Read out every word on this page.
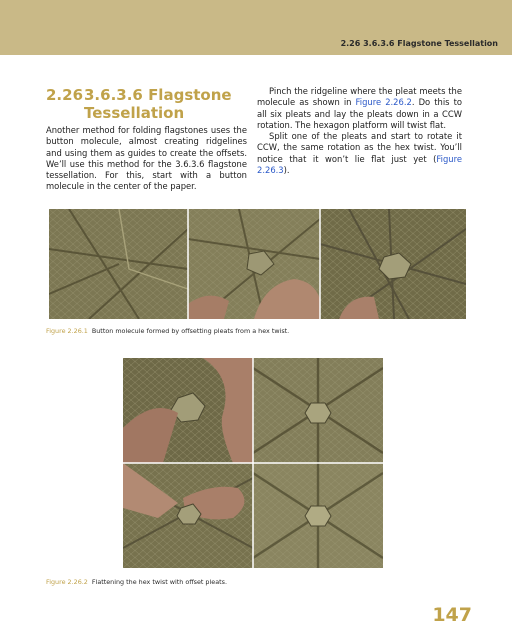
2.26 3.6.3.6 Flagstone Tessellation
2.263.6.3.6 Flagstone
Tessellation
Another method for folding flagstones uses the button molecule, almost creating ridgelines and using them as guides to create the offsets. We’ll use this method for the 3.6.3.6 flagstone tessellation. For this, start with a button molecule in the center of the paper.

Pinch the ridgeline where the pleat meets the molecule as shown in Figure 2.26.2. Do this to all six pleats and lay the pleats down in a CCW rotation. The hexagon platform will twist flat.

Split one of the pleats and start to rotate it CCW, the same rotation as the hex twist. You’ll notice that it won’t lie flat just yet (Figure 2.26.3).

Figure 2.26.1 Button molecule formed by offsetting pleats from a hex twist.
Figure 2.26.2 Flattening the hex twist with offset pleats.
147
